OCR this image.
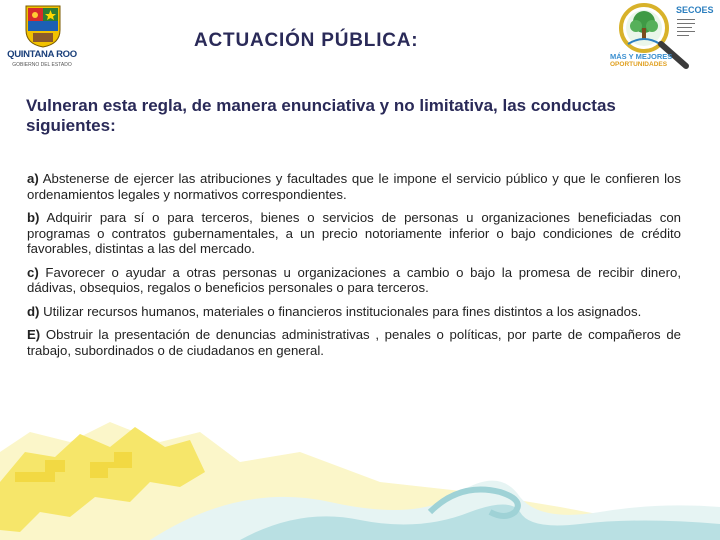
QUINTANA ROO
GOBIERNO DEL ESTADO
ACTUACIÓN PÚBLICA:
SECOES
▬▬▬▬▬▬
▬▬▬▬▬▬
▬▬▬▬▬
▬▬▬▬▬▬
▬▬▬▬
MÁS Y MEJORES
OPORTUNIDADES
Vulneran esta regla, de manera enunciativa y no limitativa, las conductas siguientes:

a) Abstenerse de ejercer las atribuciones y facultades que le impone el servicio público y que le confieren los ordenamientos legales y normativos correspondientes.

b) Adquirir para sí o para terceros, bienes o servicios de personas u organizaciones beneficiadas con programas o contratos gubernamentales, a un precio notoriamente inferior o bajo condiciones de crédito favorables, distintas a las del mercado.

c) Favorecer o ayudar a otras personas u organizaciones a cambio o bajo la promesa de recibir dinero, dádivas, obsequios, regalos o beneficios personales o para terceros.

d) Utilizar recursos humanos, materiales o financieros institucionales para fines distintos a los asignados.

E) Obstruir la presentación de denuncias administrativas , penales o políticas, por parte de compañeros de trabajo, subordinados o de ciudadanos en general.
